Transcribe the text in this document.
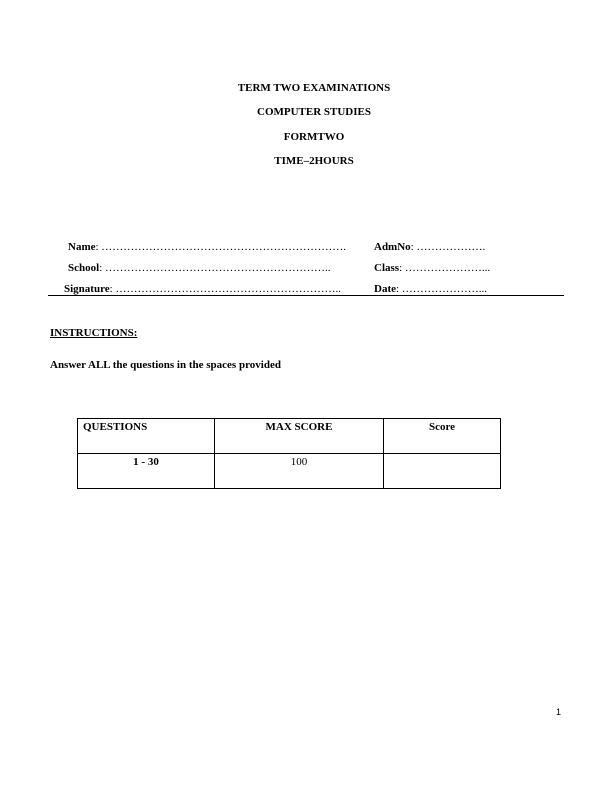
TERM TWO EXAMINATIONS
COMPUTER STUDIES
FORMTWO
TIME–2HOURS
Name: ………………………………………………………….	AdmNo: ……………….
School: ……………………………………………………..	Class: …………………...
Signature: ……………………………………………………..	Date: …………………...
INSTRUCTIONS:
Answer ALL the questions in the spaces provided
QUESTIONS	MAX SCORE	Score
1 - 30	100	
1
